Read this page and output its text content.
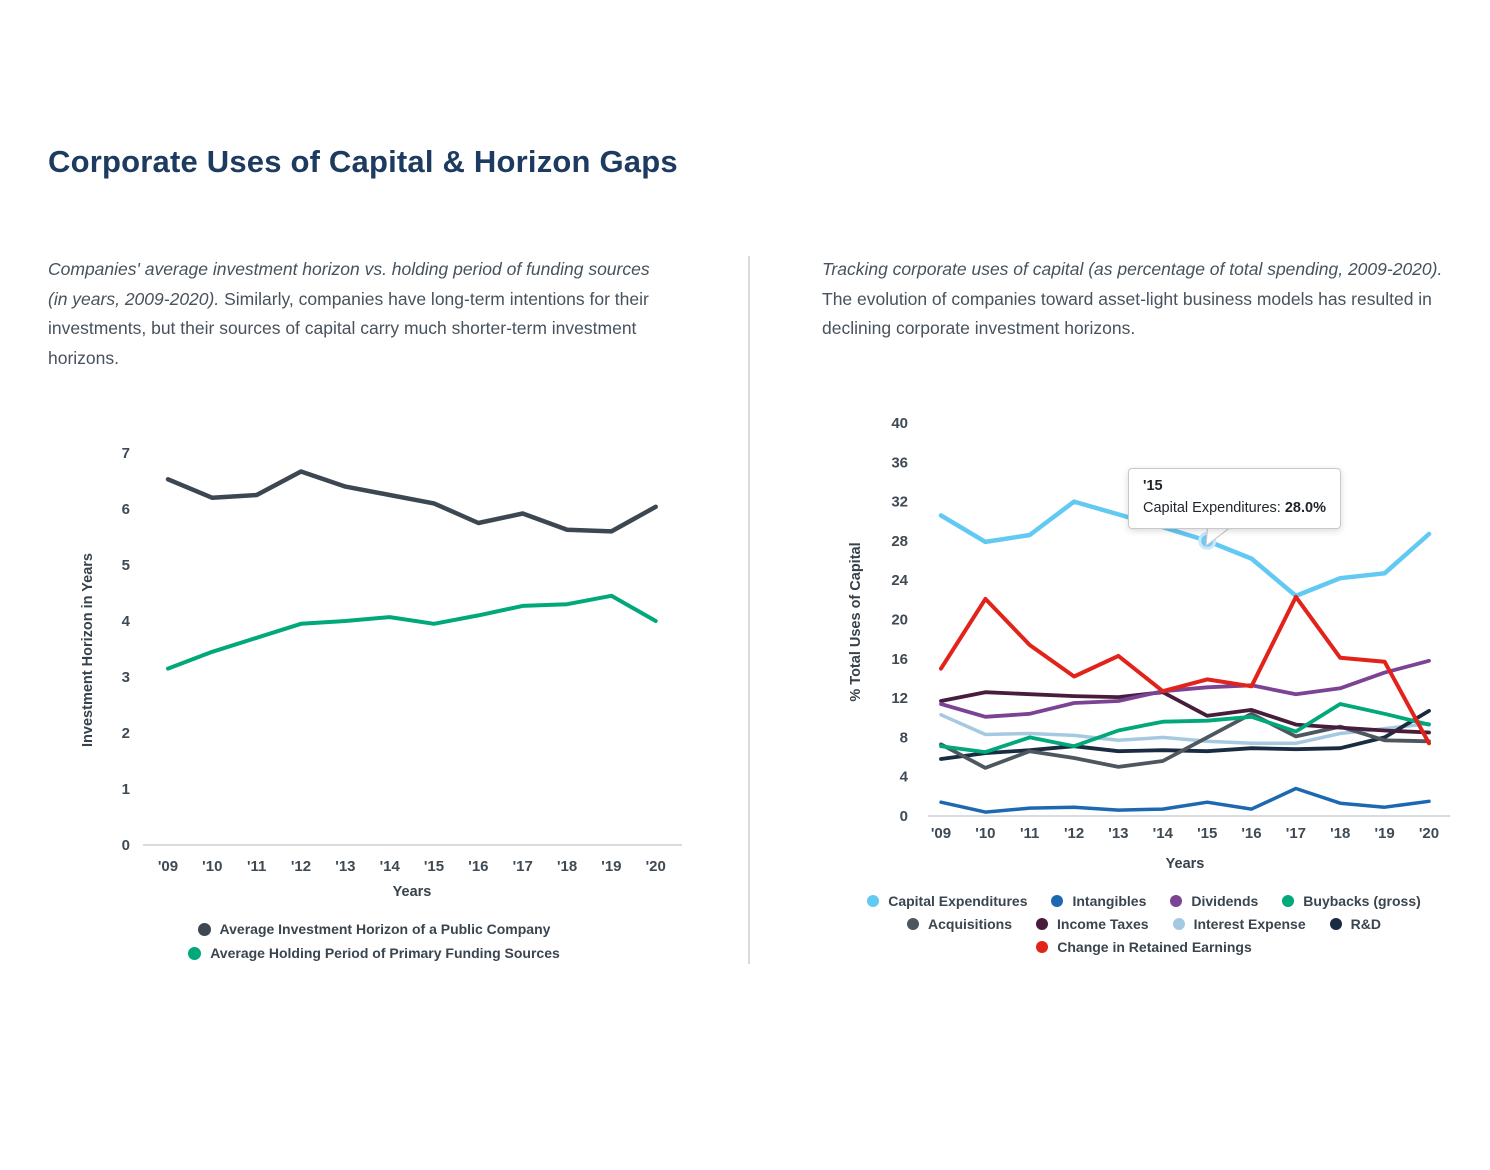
Corporate Uses of Capital & Horizon Gaps

Companies' average investment horizon vs. holding period of funding sources (in years, 2009-2020). Similarly, companies have long-term intentions for their investments, but their sources of capital carry much shorter-term investment horizons.

Tracking corporate uses of capital (as percentage of total spending, 2009-2020). The evolution of companies toward asset-light business models has resulted in declining corporate investment horizons.

Investment Horizon in Years
0
1
2
3
4
5
6
7
'09 '10 '11 '12 '13 '14 '15 '16 '17 '18 '19 '20
Years
Average Investment Horizon of a Public Company
Average Holding Period of Primary Funding Sources
% Total Uses of Capital
0
4
8
12
16
20
24
28
32
36
40
'09 '10 '11 '12 '13 '14 '15 '16 '17 '18 '19 '20
Years
Capital Expenditures	Intangibles	Dividends	Buybacks (gross)
Acquisitions	Income Taxes	Interest Expense	R&D
Change in Retained Earnings
'15
Capital Expenditures: 28.0%
